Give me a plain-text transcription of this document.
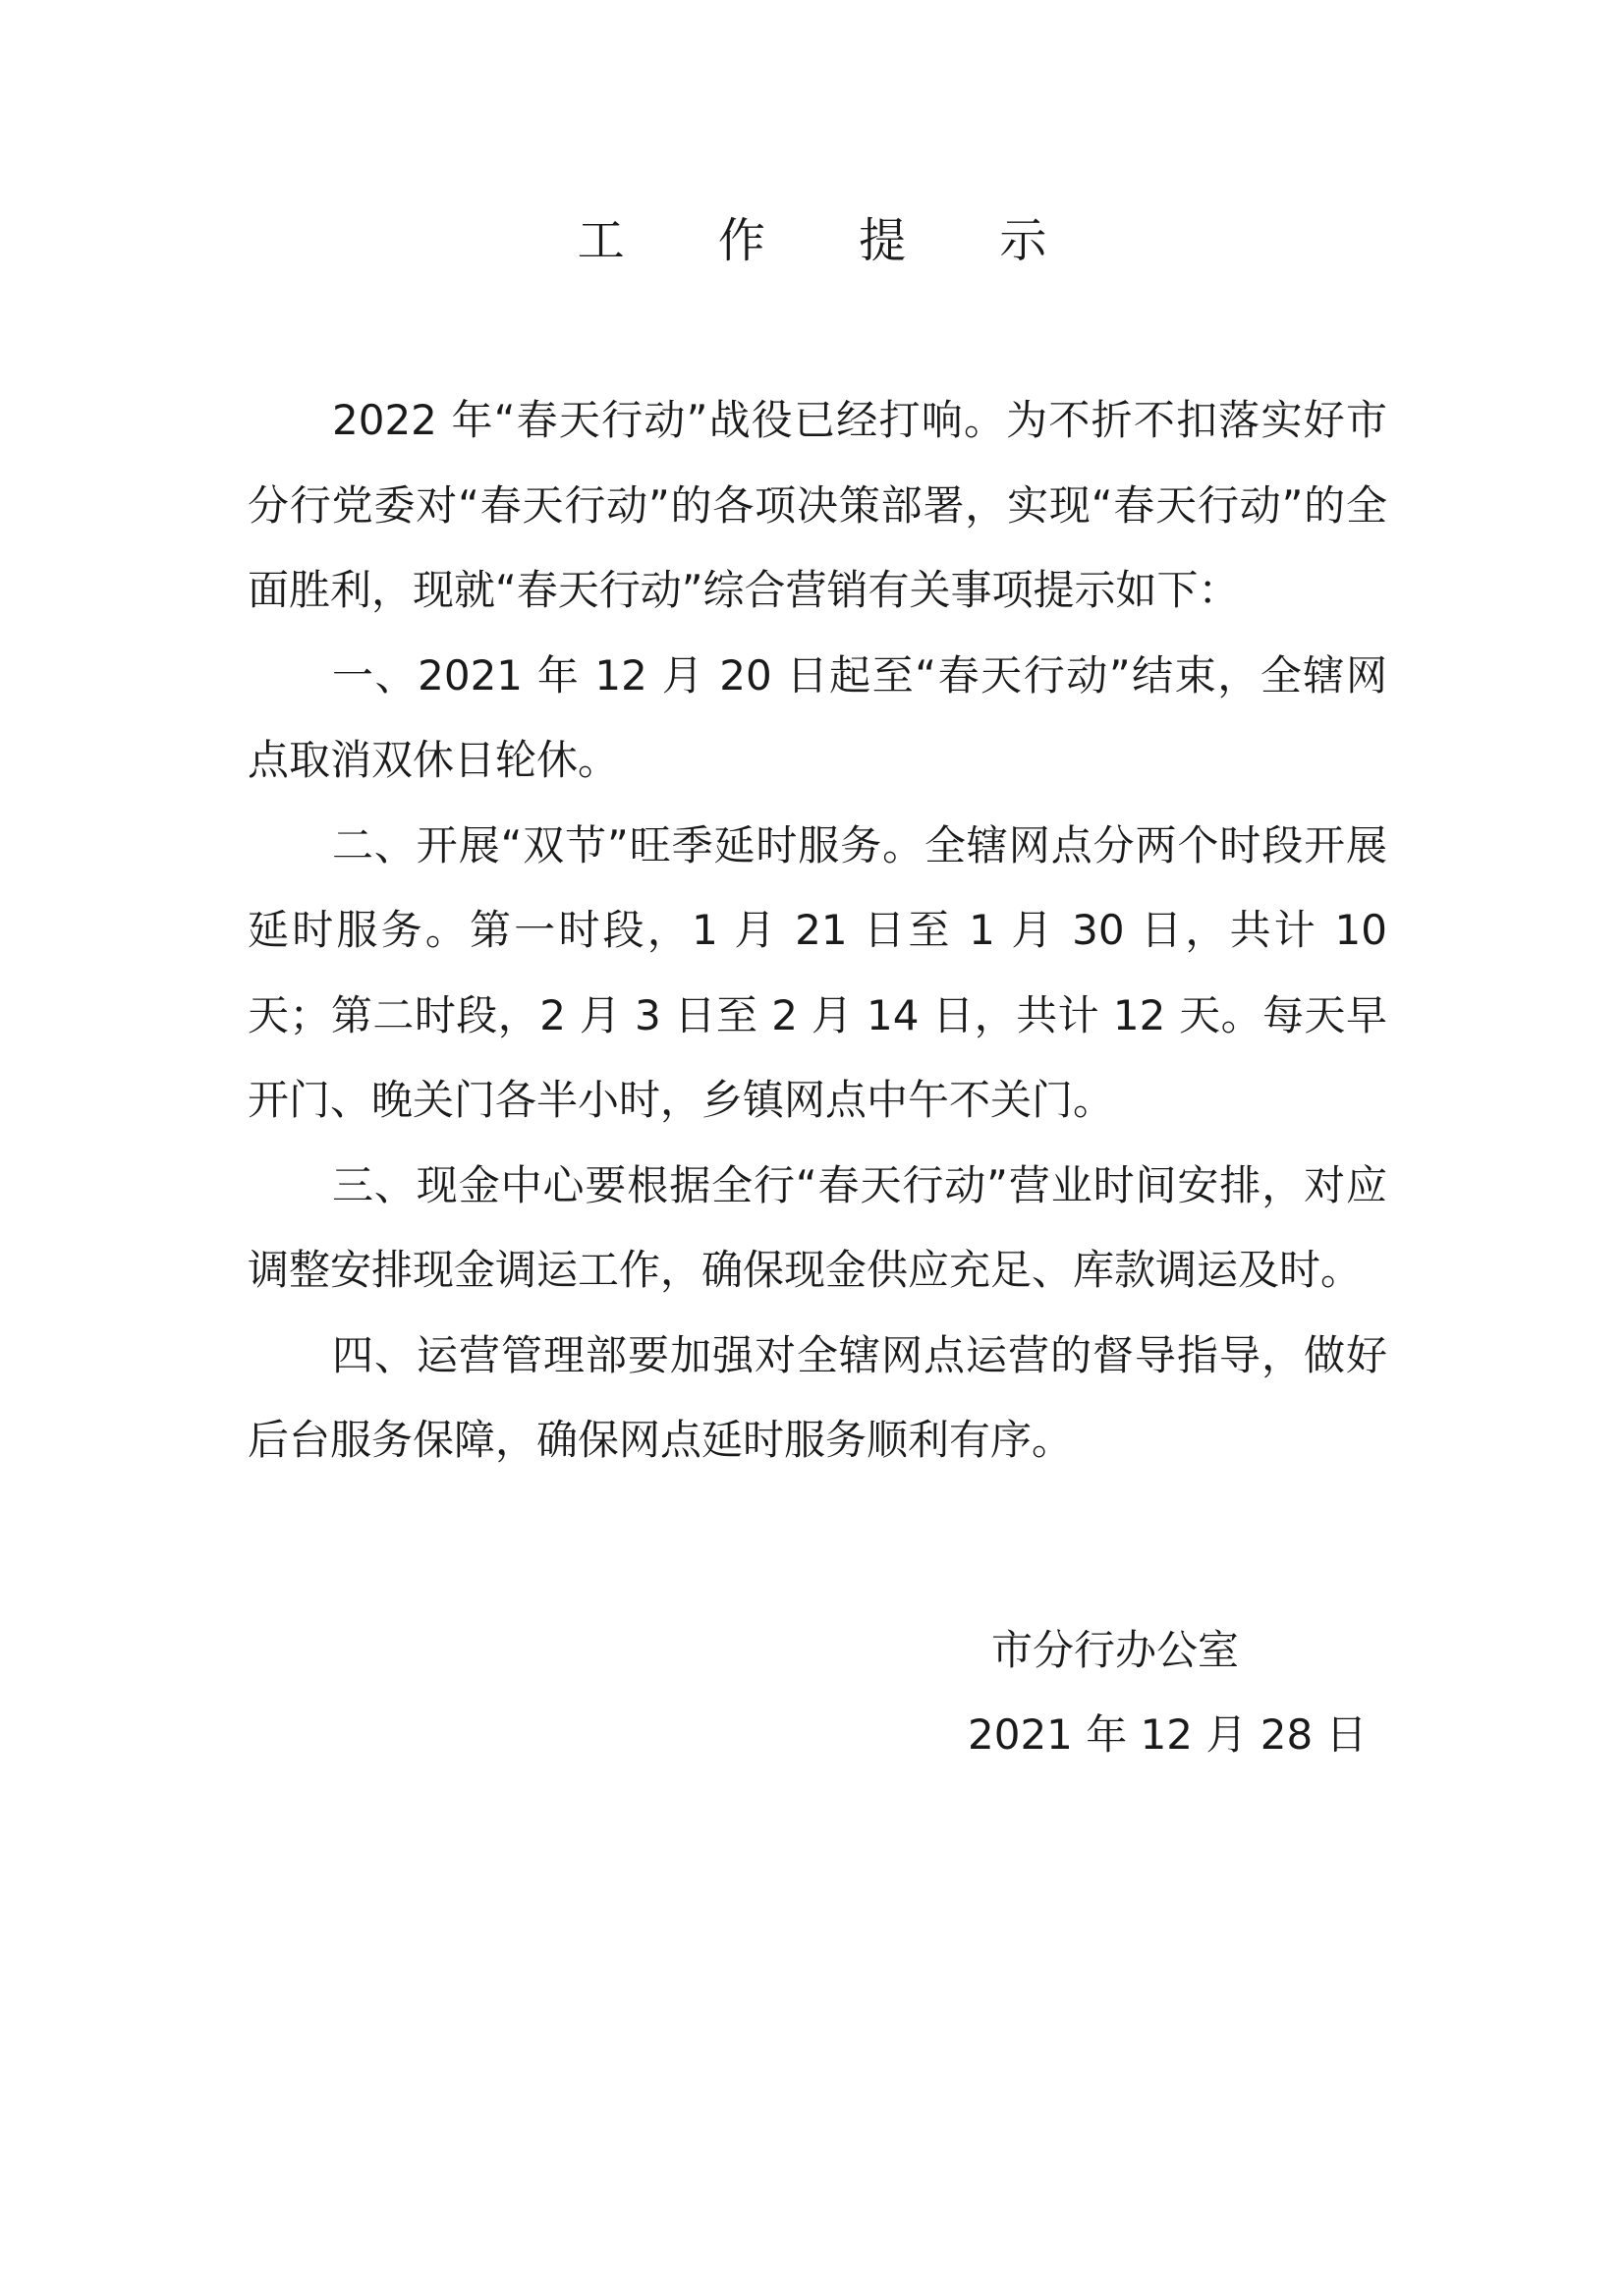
工 作 提 示

2022 年“春天行动”战役已经打响。为不折不扣落实好市分行党委对“春天行动”的各项决策部署，实现“春天行动”的全面胜利，现就“春天行动”综合营销有关事项提示如下：

一、2021 年 12 月 20 日起至“春天行动”结束，全辖网点取消双休日轮休。

二、开展“双节”旺季延时服务。全辖网点分两个时段开展延时服务。第一时段，1 月 21 日至 1 月 30 日，共计 10 天；第二时段，2 月 3 日至 2 月 14 日，共计 12 天。每天早开门、晚关门各半小时，乡镇网点中午不关门。

三、现金中心要根据全行“春天行动”营业时间安排，对应调整安排现金调运工作，确保现金供应充足、库款调运及时。

四、运营管理部要加强对全辖网点运营的督导指导，做好后台服务保障，确保网点延时服务顺利有序。

市分行办公室

2021 年 12 月 28 日
